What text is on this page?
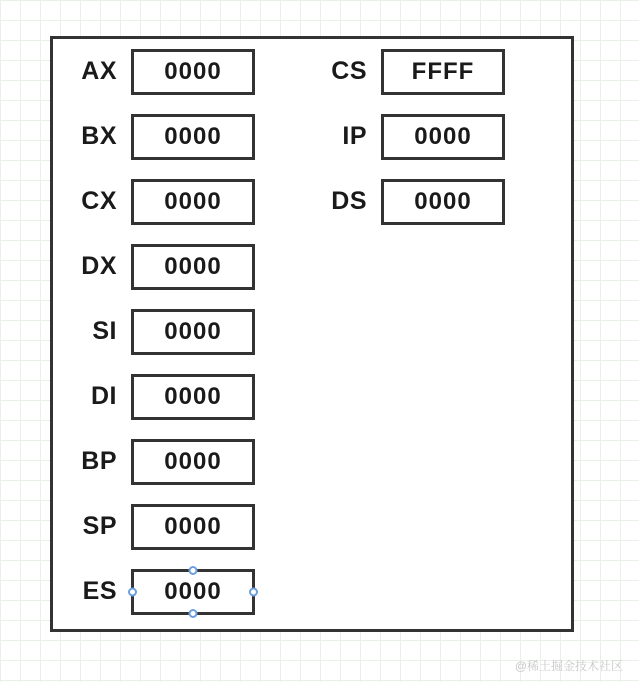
AX	0000
BX	0000
CX	0000
DX	0000
SI	0000
DI	0000
BP	0000
SP	0000
ES	0000
CS	FFFF
IP	0000
DS	0000
@稀土掘金技术社区
